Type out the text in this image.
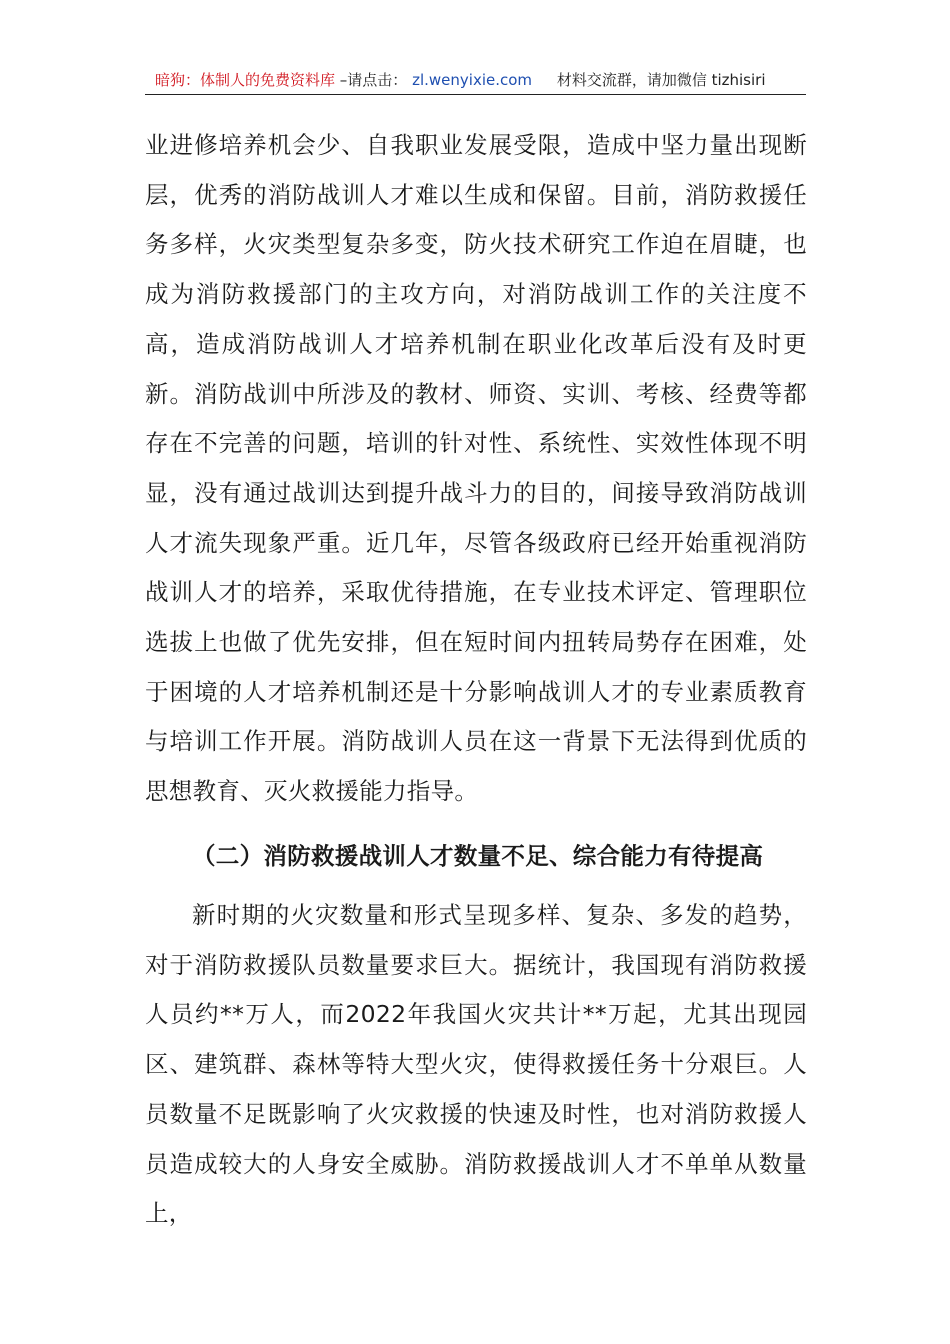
暗狗：体制人的免费资料库 –请点击： zl.wenyixie.com 材料交流群，请加微信 tizhisiri
业进修培养机会少、自我职业发展受限，造成中坚力量出现断层，优秀的消防战训人才难以生成和保留。目前，消防救援任务多样，火灾类型复杂多变，防火技术研究工作迫在眉睫，也成为消防救援部门的主攻方向，对消防战训工作的关注度不高，造成消防战训人才培养机制在职业化改革后没有及时更新。消防战训中所涉及的教材、师资、实训、考核、经费等都存在不完善的问题，培训的针对性、系统性、实效性体现不明显，没有通过战训达到提升战斗力的目的，间接导致消防战训人才流失现象严重。近几年，尽管各级政府已经开始重视消防战训人才的培养，采取优待措施，在专业技术评定、管理职位选拔上也做了优先安排，但在短时间内扭转局势存在困难，处于困境的人才培养机制还是十分影响战训人才的专业素质教育与培训工作开展。消防战训人员在这一背景下无法得到优质的思想教育、灭火救援能力指导。
（二）消防救援战训人才数量不足、综合能力有待提高
新时期的火灾数量和形式呈现多样、复杂、多发的趋势，对于消防救援队员数量要求巨大。据统计，我国现有消防救援人员约**万人，而2022年我国火灾共计**万起，尤其出现园区、建筑群、森林等特大型火灾，使得救援任务十分艰巨。人员数量不足既影响了火灾救援的快速及时性，也对消防救援人员造成较大的人身安全威胁。消防救援战训人才不单单从数量上，
